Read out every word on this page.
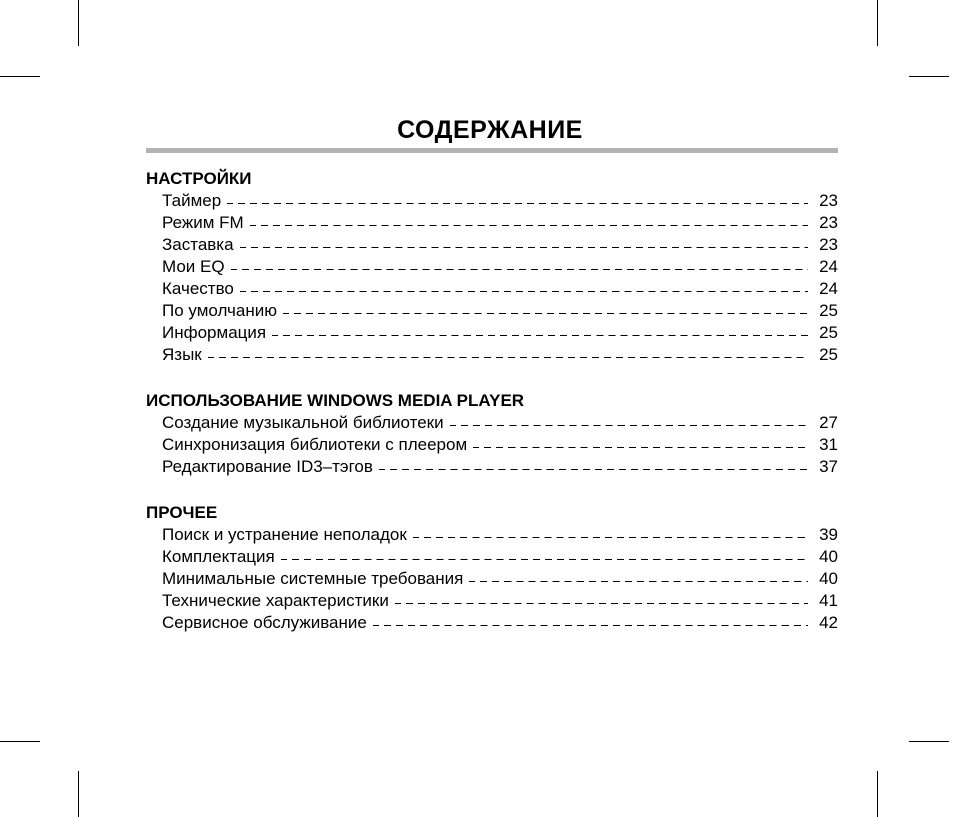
СОДЕРЖАНИЕ
НАСТРОЙКИ
Таймер	23
Режим FM	23
Заставка	23
Мои EQ	24
Качество	24
По умолчанию	25
Информация	25
Язык	25
ИСПОЛЬЗОВАНИЕ WINDOWS MEDIA PLAYER
Создание музыкальной библиотеки	27
Синхронизация библиотеки с плеером	31
Редактирование ID3–тэгов	37
ПРОЧЕЕ
Поиск и устранение неполадок	39
Комплектация	40
Минимальные системные требования	40
Технические характеристики	41
Сервисное обслуживание	42
